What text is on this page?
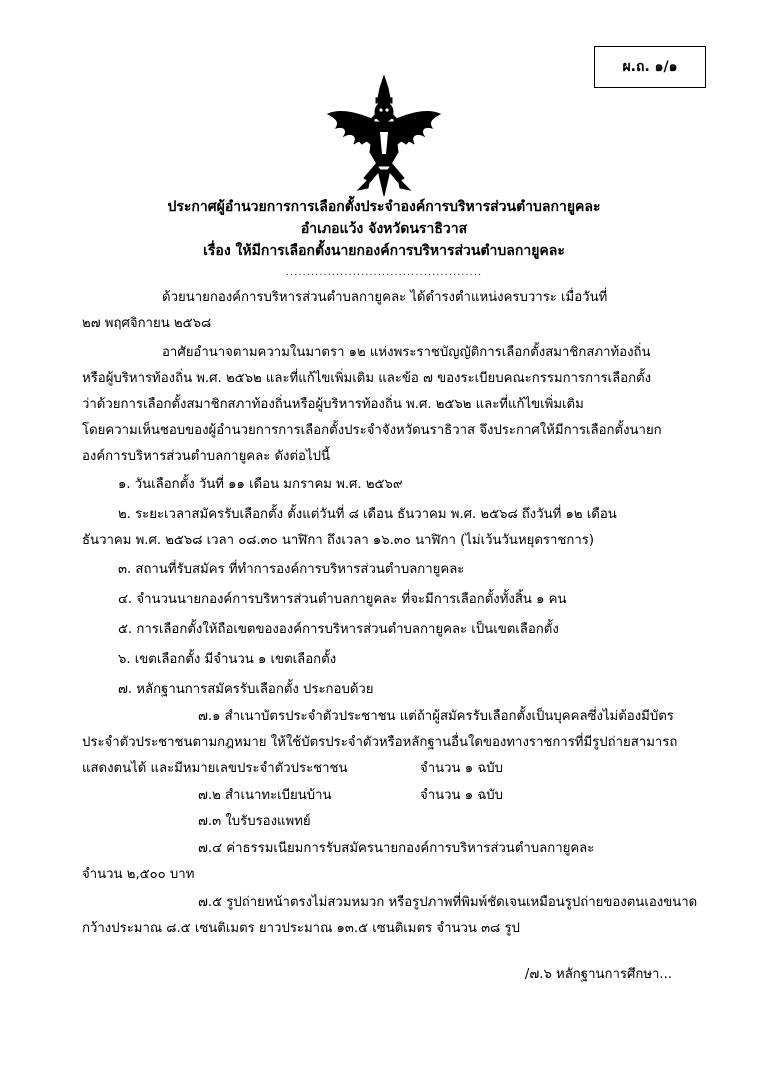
ผ.ถ. ๑/๑
ประกาศผู้อำนวยการการเลือกตั้งประจำองค์การบริหารส่วนตำบลกายูคละ
อำเภอแว้ง จังหวัดนราธิวาส
เรื่อง ให้มีการเลือกตั้งนายกองค์การบริหารส่วนตำบลกายูคละ
...............................................
ด้วยนายกองค์การบริหารส่วนตำบลกายูคละ ได้ดำรงตำแหน่งครบวาระ เมื่อวันที่
๒๗ พฤศจิกายน ๒๕๖๘
อาศัยอำนาจตามความในมาตรา ๑๒ แห่งพระราชบัญญัติการเลือกตั้งสมาชิกสภาท้องถิ่น
หรือผู้บริหารท้องถิ่น พ.ศ. ๒๕๖๒ และที่แก้ไขเพิ่มเติม และข้อ ๗ ของระเบียบคณะกรรมการการเลือกตั้ง
ว่าด้วยการเลือกตั้งสมาชิกสภาท้องถิ่นหรือผู้บริหารท้องถิ่น พ.ศ. ๒๕๖๒ และที่แก้ไขเพิ่มเติม
โดยความเห็นชอบของผู้อำนวยการการเลือกตั้งประจำจังหวัดนราธิวาส จึงประกาศให้มีการเลือกตั้งนายก
องค์การบริหารส่วนตำบลกายูคละ ดังต่อไปนี้
๑. วันเลือกตั้ง วันที่ ๑๑ เดือน มกราคม พ.ศ. ๒๕๖๙
๒. ระยะเวลาสมัครรับเลือกตั้ง ตั้งแต่วันที่ ๘ เดือน ธันวาคม พ.ศ. ๒๕๖๘ ถึงวันที่ ๑๒ เดือน
ธันวาคม พ.ศ. ๒๕๖๘ เวลา ๐๘.๓๐ นาฬิกา ถึงเวลา ๑๖.๓๐ นาฬิกา (ไม่เว้นวันหยุดราชการ)
๓. สถานที่รับสมัคร ที่ทำการองค์การบริหารส่วนตำบลกายูคละ
๔. จำนวนนายกองค์การบริหารส่วนตำบลกายูคละ ที่จะมีการเลือกตั้งทั้งสิ้น ๑ คน
๕. การเลือกตั้งให้ถือเขตขององค์การบริหารส่วนตำบลกายูคละ เป็นเขตเลือกตั้ง
๖. เขตเลือกตั้ง มีจำนวน ๑ เขตเลือกตั้ง
๗. หลักฐานการสมัครรับเลือกตั้ง ประกอบด้วย
๗.๑ สำเนาบัตรประจำตัวประชาชน แต่ถ้าผู้สมัครรับเลือกตั้งเป็นบุคคลซึ่งไม่ต้องมีบัตร
ประจำตัวประชาชนตามกฎหมาย ให้ใช้บัตรประจำตัวหรือหลักฐานอื่นใดของทางราชการที่มีรูปถ่ายสามารถ
แสดงตนได้ และมีหมายเลขประจำตัวประชาชน	จำนวน ๑ ฉบับ
๗.๒ สำเนาทะเบียนบ้าน	จำนวน ๑ ฉบับ
๗.๓ ใบรับรองแพทย์
๗.๔ ค่าธรรมเนียมการรับสมัครนายกองค์การบริหารส่วนตำบลกายูคละ
จำนวน ๒,๕๐๐ บาท
๗.๕ รูปถ่ายหน้าตรงไม่สวมหมวก หรือรูปภาพที่พิมพ์ชัดเจนเหมือนรูปถ่ายของตนเองขนาด
กว้างประมาณ ๘.๕ เซนติเมตร ยาวประมาณ ๑๓.๕ เซนติเมตร จำนวน ๓๘ รูป
/๗.๖ หลักฐานการศึกษา...
